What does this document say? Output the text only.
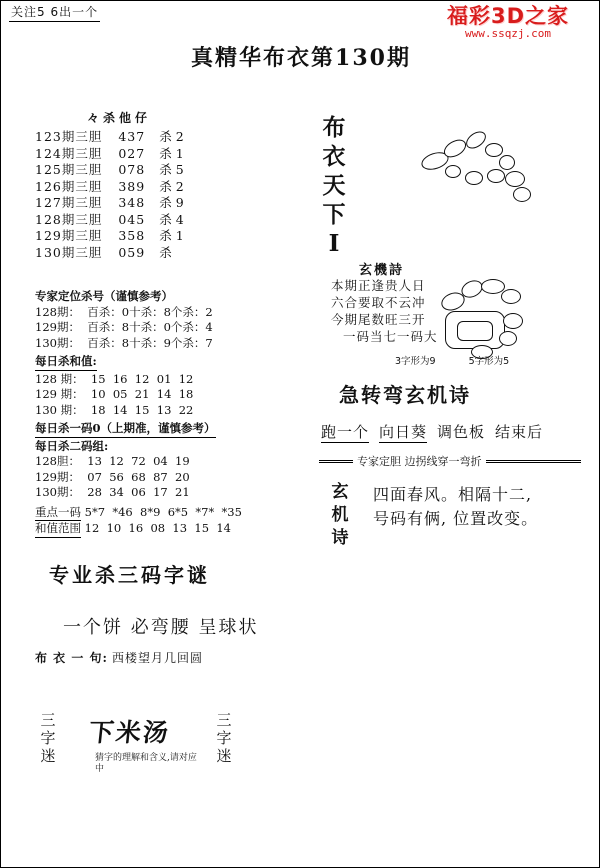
关注5 6出一个	福彩3D之家
www.ssqzj.com
真精华布衣第130期
々杀他仔
123期三胆 437 杀 2
124期三胆 027 杀 1
125期三胆 078 杀 5
126期三胆 389 杀 2
127期三胆 348 杀 9
128期三胆 045 杀 4
129期三胆 358 杀 1
130期三胆 059 杀
专家定位杀号（谨慎参考）
128期：  百杀：0十杀：8个杀：2
129期：  百杀：8十杀：0个杀：4
130期：  百杀：8十杀：9个杀：7
每日杀和值:
128 期：  15  16  12  01  12
129 期：  10  05  21  14  18
130 期：  18  14  15  13  22
每日杀一码0（上期准，谨慎参考）
每日杀二码组:
128胆：  13  12  72  04  19
129期：  07  56  68  87  20
130期：  28  34  06  17  21
重点一码 5*7  *46  8*9  6*5  *7*  *35
和值范围 12  10  16  08  13  15  14
专业杀三码字谜
一个饼 必弯腰 呈球状
布 衣 一 句: 西楼望月几回圆
三字迷
下米汤	三字迷
猜字的理解和含义,请对应中
布衣天下 I
玄機詩
本期正逢贵人日
六合要取不云冲
今期尾数旺三开
一码当七一码大
3字形为9	5字形为5
急转弯玄机诗
跑一个 向日葵 调色板 结束后
专家定胆 边拐线穿一弯折
玄机诗
四面春风。相隔十二,
号码有俩, 位置改变。
